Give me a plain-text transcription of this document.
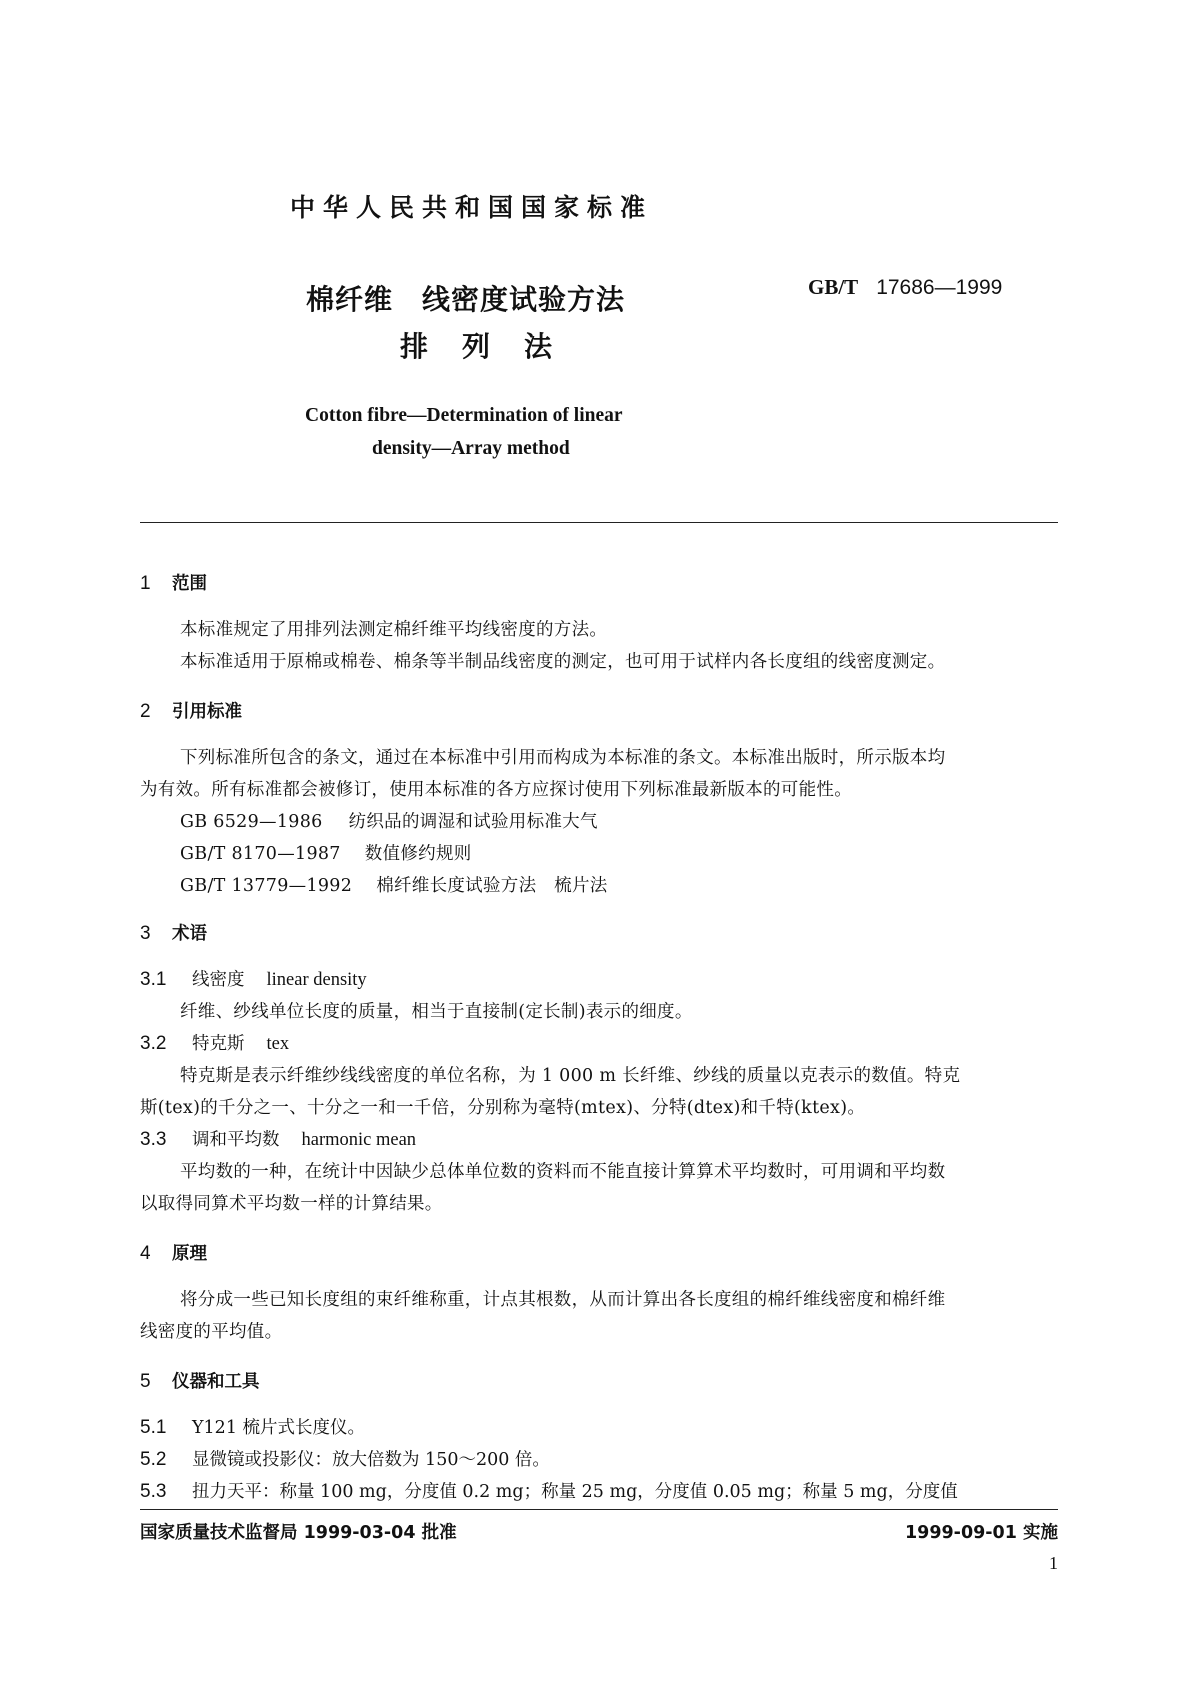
中华人民共和国国家标准
棉纤维　线密度试验方法
排列法
GB/T 17686—1999
Cotton fibre—Determination of linear
density—Array method
1 范围
本标准规定了用排列法测定棉纤维平均线密度的方法。
本标准适用于原棉或棉卷、棉条等半制品线密度的测定，也可用于试样内各长度组的线密度测定。
2 引用标准
下列标准所包含的条文，通过在本标准中引用而构成为本标准的条文。本标准出版时，所示版本均
为有效。所有标准都会被修订，使用本标准的各方应探讨使用下列标准最新版本的可能性。
GB 6529—1986 纺织品的调湿和试验用标准大气
GB/T 8170—1987 数值修约规则
GB/T 13779—1992 棉纤维长度试验方法　梳片法
3 术语
3.1 线密度 linear density
纤维、纱线单位长度的质量，相当于直接制(定长制)表示的细度。
3.2 特克斯 tex
特克斯是表示纤维纱线线密度的单位名称，为 1 000 m 长纤维、纱线的质量以克表示的数值。特克
斯(tex)的千分之一、十分之一和一千倍，分别称为毫特(mtex)、分特(dtex)和千特(ktex)。
3.3 调和平均数 harmonic mean
平均数的一种，在统计中因缺少总体单位数的资料而不能直接计算算术平均数时，可用调和平均数
以取得同算术平均数一样的计算结果。
4 原理
将分成一些已知长度组的束纤维称重，计点其根数，从而计算出各长度组的棉纤维线密度和棉纤维
线密度的平均值。
5 仪器和工具
5.1 Y121 梳片式长度仪。
5.2 显微镜或投影仪：放大倍数为 150～200 倍。
5.3 扭力天平：称量 100 mg，分度值 0.2 mg；称量 25 mg，分度值 0.05 mg；称量 5 mg，分度值
国家质量技术监督局 1999-03-04 批准	1999-09-01 实施
1
